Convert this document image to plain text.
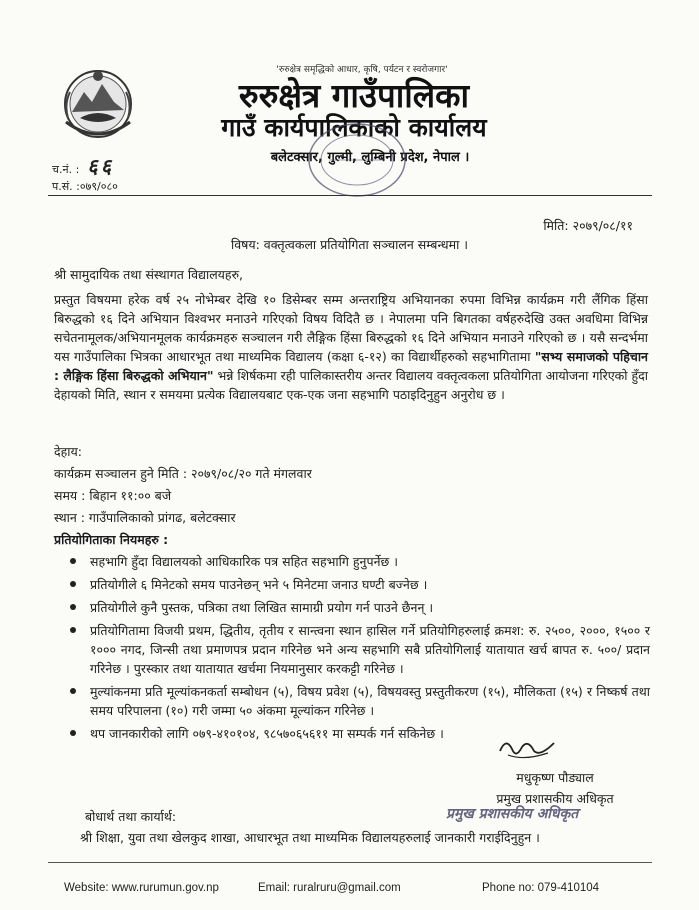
'रुरुक्षेत्र समृद्धिको आधार, कृषि, पर्यटन र स्वरोजगार'
रुरुक्षेत्र गाउँपालिका
गाउँ कार्यपालिकाको कार्यालय
बलेटक्सार, गुल्मी, लुम्बिनी प्रदेश, नेपाल ।
च.नं. : ६६
प.सं. :०७९/०८०
मिति: २०७९/०८/११
विषय: वक्तृत्वकला प्रतियोगिता सञ्चालन सम्बन्धमा ।
श्री सामुदायिक तथा संस्थागत विद्यालयहरु,

प्रस्तुत विषयमा हरेक वर्ष २५ नोभेम्बर देखि १० डिसेम्बर सम्म अन्तराष्ट्रिय अभियानका रुपमा विभिन्न कार्यक्रम गरी लैंगिक हिंसा बिरुद्धको १६ दिने अभियान विश्वभर मनाउने गरिएको विषय विदितै छ । नेपालमा पनि बिगतका वर्षहरुदेखि उक्त अवधिमा विभिन्न सचेतनामूलक/अभियानमूलक कार्यक्रमहरु सञ्चालन गरी लैङ्गिक हिंसा बिरुद्धको १६ दिने अभियान मनाउने गरिएको छ । यसै सन्दर्भमा यस गाउँपालिका भित्रका आधारभूत तथा माध्यमिक विद्यालय (कक्षा ६-१२) का विद्यार्थीहरुको सहभागितामा "सभ्य समाजको पहिचान : लैङ्गिक हिंसा बिरुद्धको अभियान" भन्ने शिर्षकमा रही पालिकास्तरीय अन्तर विद्यालय वक्तृत्वकला प्रतियोगिता आयोजना गरिएको हुँदा देहायको मिति, स्थान र समयमा प्रत्येक विद्यालयबाट एक-एक जना सहभागि पठाइदिनुहुन अनुरोध छ ।

देहाय:
कार्यक्रम सञ्चालन हुने मिति : २०७९/०८/२० गते मंगलवार
समय : बिहान ११:०० बजे
स्थान : गाउँपालिकाको प्रांगढ, बलेटक्सार
प्रतियोगिताका नियमहरु :
सहभागि हुँदा विद्यालयको आधिकारिक पत्र सहित सहभागि हुनुपर्नेछ ।
प्रतियोगीले ६ मिनेटको समय पाउनेछन् भने ५ मिनेटमा जनाउ घण्टी बज्नेछ ।
प्रतियोगीले कुनै पुस्तक, पत्रिका तथा लिखित सामाग्री प्रयोग गर्न पाउने छैनन् ।
प्रतियोगितामा विजयी प्रथम, द्धितीय, तृतीय र सान्त्वना स्थान हासिल गर्ने प्रतियोगिहरुलाई क्रमश: रु. २५००, २०००, १५०० र १००० नगद, जिन्सी तथा प्रमाणपत्र प्रदान गरिनेछ भने अन्य सहभागि सबै प्रतियोगिलाई यातायात खर्च बापत रु. ५००/ प्रदान गरिनेछ । पुरस्कार तथा यातायात खर्चमा नियमानुसार करकट्टी गरिनेछ ।
मुल्यांकनमा प्रति मूल्यांकनकर्ता सम्बोधन (५), विषय प्रवेश (५), विषयवस्तु प्रस्तुतीकरण (१५), मौलिकता (१५) र निष्कर्ष तथा समय परिपालना (१०) गरी जम्मा ५० अंकमा मूल्यांकन गरिनेछ ।
थप जानकारीको लागि ०७९-४१०१०४, ९८५७०६५६११ मा सम्पर्क गर्न सकिनेछ ।
मधुकृष्ण पौड्याल
प्रमुख प्रशासकीय अधिकृत
प्रमुख प्रशासकीय अधिकृत
बोधार्थ तथा कार्यार्थ:
श्री शिक्षा, युवा तथा खेलकुद शाखा, आधारभूत तथा माध्यमिक विद्यालयहरुलाई जानकारी गराईदिनुहुन ।
Website: www.rurumun.gov.np	Email: ruralruru@gmail.com	Phone no: 079-410104
